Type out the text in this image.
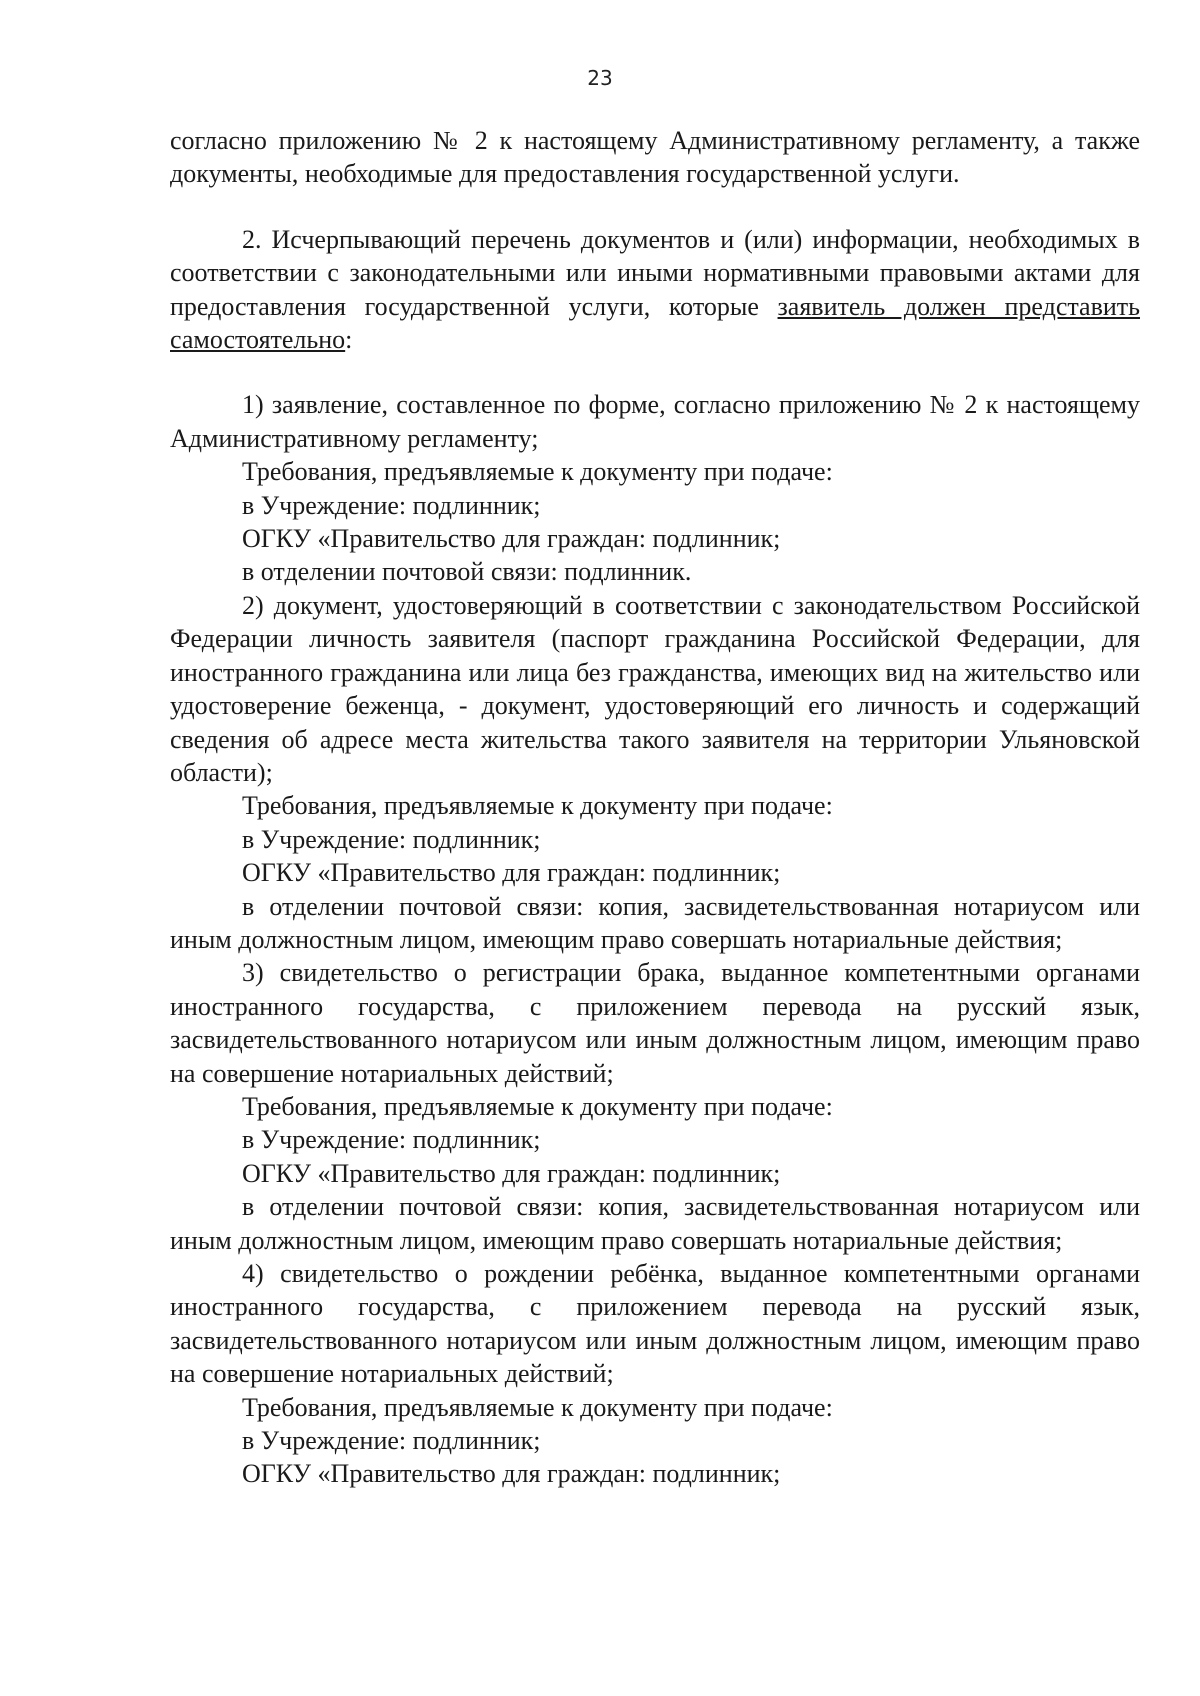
23

согласно приложению № 2 к настоящему Административному регламенту, а также документы, необходимые для предоставления государственной услуги.

2. Исчерпывающий перечень документов и (или) информации, необходимых в соответствии с законодательными или иными нормативными правовыми актами для предоставления государственной услуги, которые заявитель должен представить самостоятельно:

1) заявление, составленное по форме, согласно приложению № 2 к настоящему Административному регламенту;

Требования, предъявляемые к документу при подаче:

в Учреждение: подлинник;

ОГКУ «Правительство для граждан: подлинник;

в отделении почтовой связи: подлинник.

2) документ, удостоверяющий в соответствии с законодательством Российской Федерации личность заявителя (паспорт гражданина Российской Федерации, для иностранного гражданина или лица без гражданства, имеющих вид на жительство или удостоверение беженца, - документ, удостоверяющий его личность и содержащий сведения об адресе места жительства такого заявителя на территории Ульяновской области);

Требования, предъявляемые к документу при подаче:

в Учреждение: подлинник;

ОГКУ «Правительство для граждан: подлинник;

в отделении почтовой связи: копия, засвидетельствованная нотариусом или иным должностным лицом, имеющим право совершать нотариальные действия;

3) свидетельство о регистрации брака, выданное компетентными органами иностранного государства, с приложением перевода на русский язык, засвидетельствованного нотариусом или иным должностным лицом, имеющим право на совершение нотариальных действий;

Требования, предъявляемые к документу при подаче:

в Учреждение: подлинник;

ОГКУ «Правительство для граждан: подлинник;

в отделении почтовой связи: копия, засвидетельствованная нотариусом или иным должностным лицом, имеющим право совершать нотариальные действия;

4) свидетельство о рождении ребёнка, выданное компетентными органами иностранного государства, с приложением перевода на русский язык, засвидетельствованного нотариусом или иным должностным лицом, имеющим право на совершение нотариальных действий;

Требования, предъявляемые к документу при подаче:

в Учреждение: подлинник;

ОГКУ «Правительство для граждан: подлинник;
